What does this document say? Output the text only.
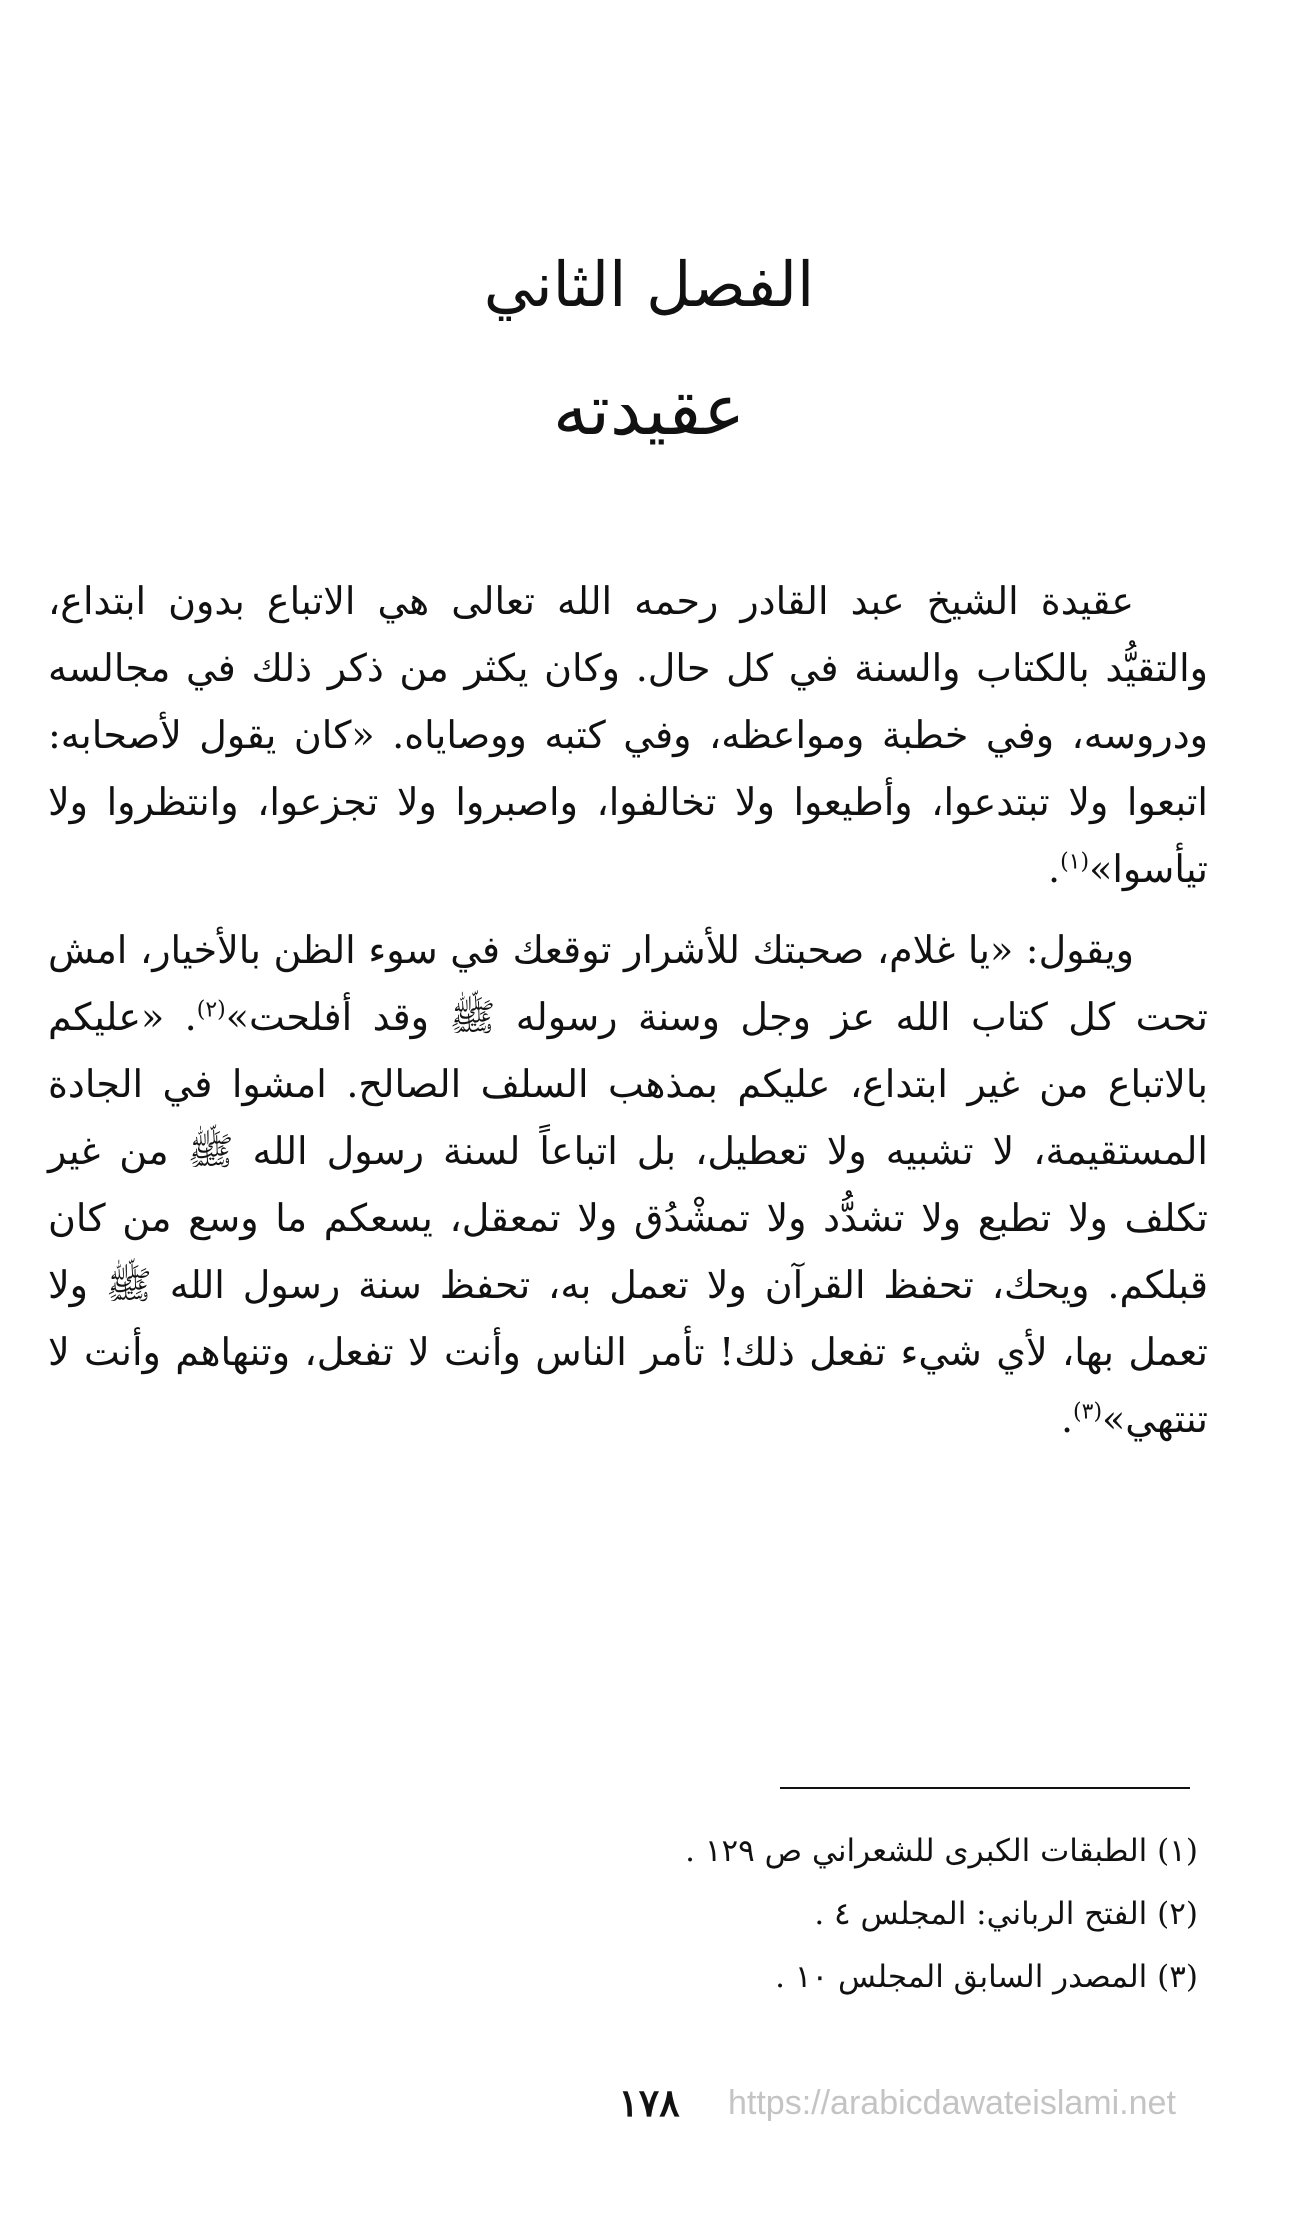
الفصل الثاني
عقيدته

عقيدة الشيخ عبد القادر رحمه الله تعالى هي الاتباع بدون ابتداع، والتقيُّد بالكتاب والسنة في كل حال. وكان يكثر من ذكر ذلك في مجالسه ودروسه، وفي خطبة ومواعظه، وفي كتبه ووصاياه. «كان يقول لأصحابه: اتبعوا ولا تبتدعوا، وأطيعوا ولا تخالفوا، واصبروا ولا تجزعوا، وانتظروا ولا تيأسوا»$^{(١)}$.

ويقول: «يا غلام، صحبتك للأشرار توقعك في سوء الظن بالأخيار، امش تحت كل كتاب الله عز وجل وسنة رسوله ﷺ وقد أفلحت»$^{(٢)}$. «عليكم بالاتباع من غير ابتداع، عليكم بمذهب السلف الصالح. امشوا في الجادة المستقيمة، لا تشبيه ولا تعطيل، بل اتباعاً لسنة رسول الله ﷺ من غير تكلف ولا تطبع ولا تشدُّد ولا تمشْدُق ولا تمعقل، يسعكم ما وسع من كان قبلكم. ويحك، تحفظ القرآن ولا تعمل به، تحفظ سنة رسول الله ﷺ ولا تعمل بها، لأي شيء تفعل ذلك! تأمر الناس وأنت لا تفعل، وتنهاهم وأنت لا تنتهي»$^{(٣)}$.

(١) الطبقات الكبرى للشعراني ص ١٢٩ .
(٢) الفتح الرباني: المجلس ٤ .
(٣) المصدر السابق المجلس ١٠ .
١٧٨	https://arabicdawateislami.net
